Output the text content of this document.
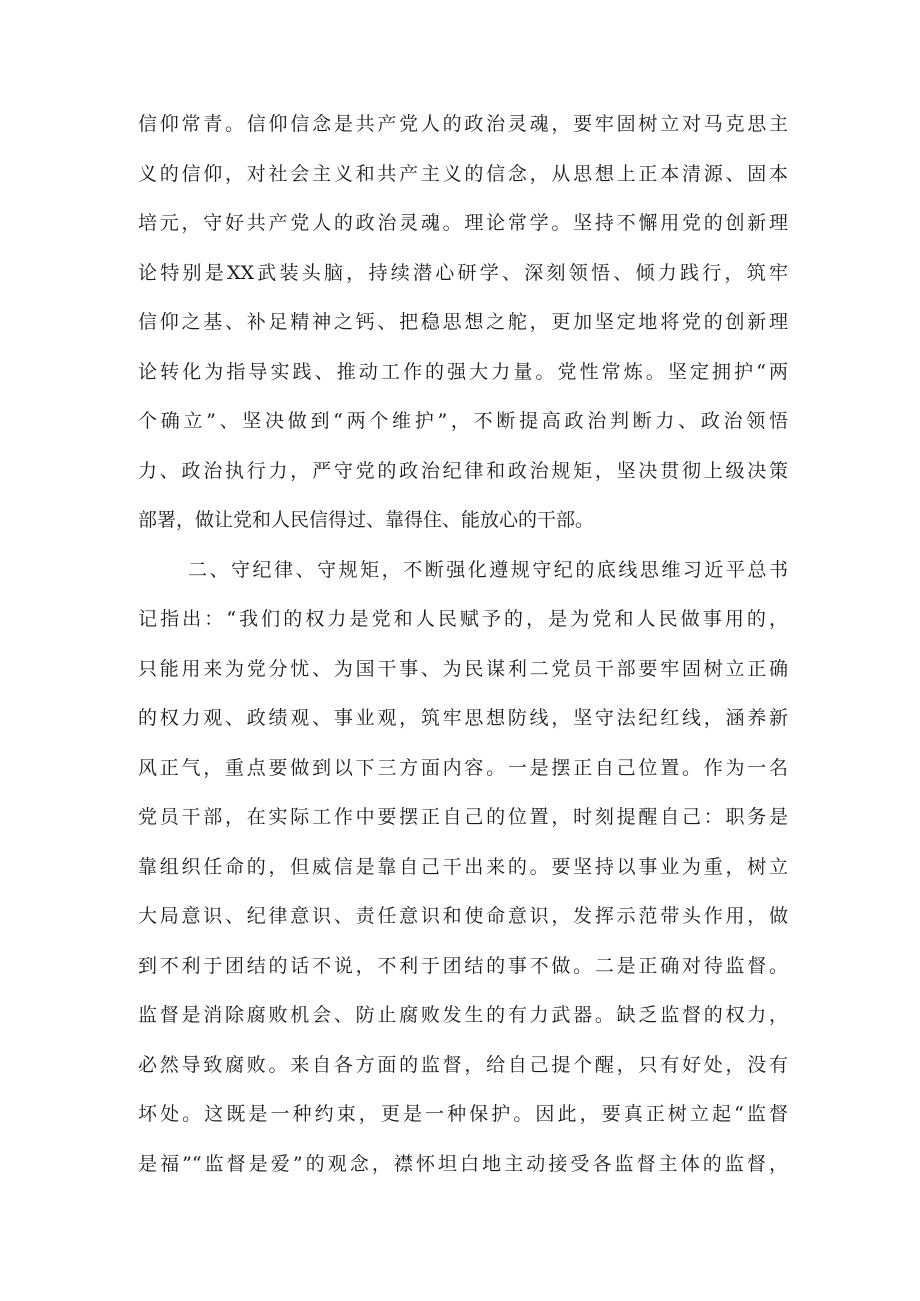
信仰常青。信仰信念是共产党人的政治灵魂，要牢固树立对马克思主
义的信仰，对社会主义和共产主义的信念，从思想上正本清源、固本
培元，守好共产党人的政治灵魂。理论常学。坚持不懈用党的创新理
论特别是XX武装头脑，持续潜心研学、深刻领悟、倾力践行，筑牢
信仰之基、补足精神之钙、把稳思想之舵，更加坚定地将党的创新理
论转化为指导实践、推动工作的强大力量。党性常炼。坚定拥护“两
个确立”、坚决做到“两个维护”，不断提高政治判断力、政治领悟
力、政治执行力，严守党的政治纪律和政治规矩，坚决贯彻上级决策
部署，做让党和人民信得过、靠得住、能放心的干部。
二、守纪律、守规矩，不断强化遵规守纪的底线思维习近平总书
记指出：“我们的权力是党和人民赋予的，是为党和人民做事用的，
只能用来为党分忧、为国干事、为民谋利二党员干部要牢固树立正确
的权力观、政绩观、事业观，筑牢思想防线，坚守法纪红线，涵养新
风正气，重点要做到以下三方面内容。一是摆正自己位置。作为一名
党员干部，在实际工作中要摆正自己的位置，时刻提醒自己：职务是
靠组织任命的，但威信是靠自己干出来的。要坚持以事业为重，树立
大局意识、纪律意识、责任意识和使命意识，发挥示范带头作用，做
到不利于团结的话不说，不利于团结的事不做。二是正确对待监督。
监督是消除腐败机会、防止腐败发生的有力武器。缺乏监督的权力，
必然导致腐败。来自各方面的监督，给自己提个醒，只有好处，没有
坏处。这既是一种约束，更是一种保护。因此，要真正树立起“监督
是福”“监督是爱”的观念，襟怀坦白地主动接受各监督主体的监督，
